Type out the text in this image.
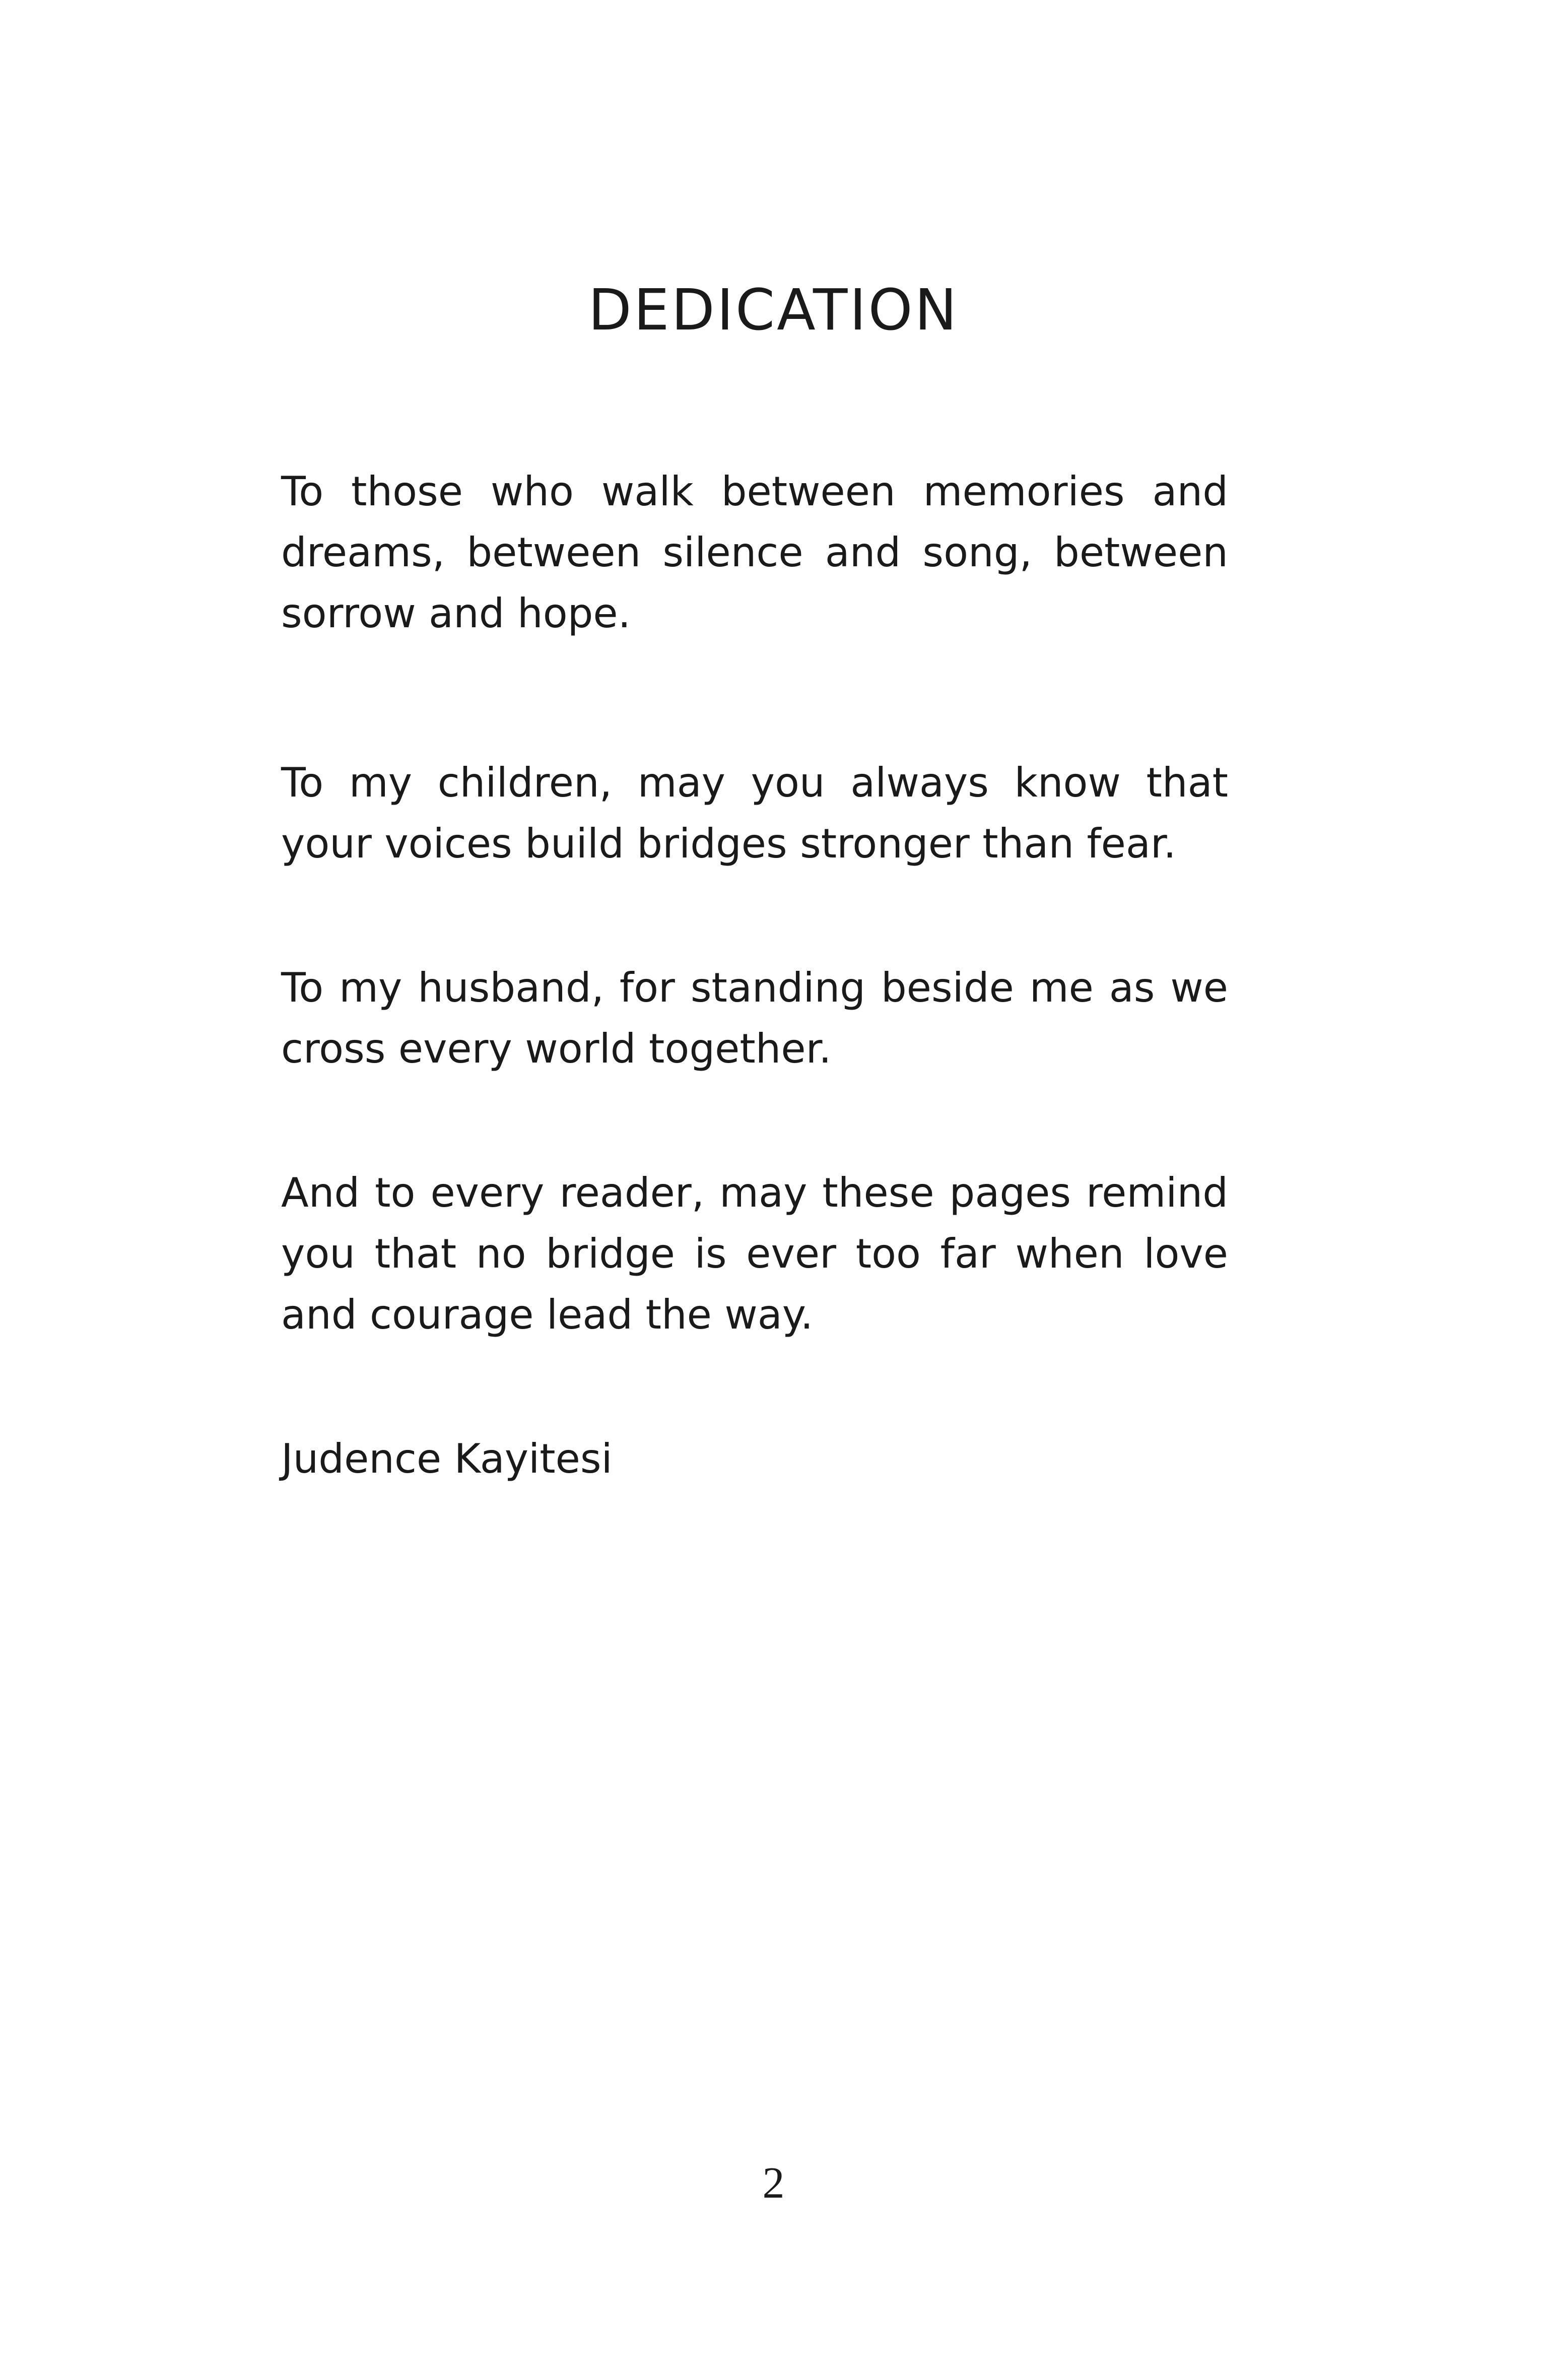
DEDICATION

To those who walk between memories and dreams, between silence and song, between sorrow and hope.

To my children, may you always know that your voices build bridges stronger than fear.

To my husband, for standing beside me as we cross every world together.

And to every reader, may these pages remind you that no bridge is ever too far when love and courage lead the way.

Judence Kayitesi

2
